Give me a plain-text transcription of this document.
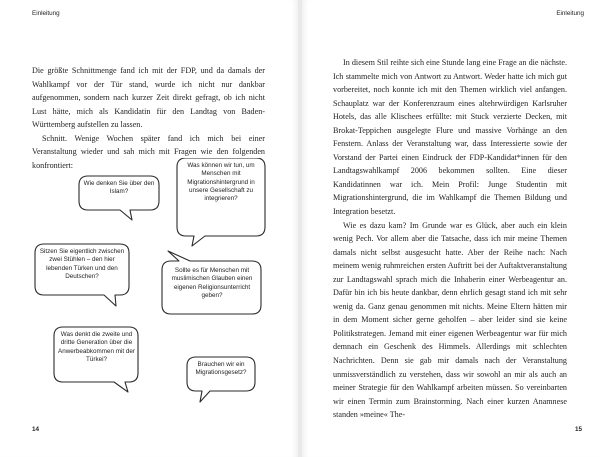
Einleitung

Die größte Schnittmenge fand ich mit der FDP, und da damals der Wahlkampf vor der Tür stand, wurde ich nicht nur dankbar aufgenommen, sondern nach kurzer Zeit direkt gefragt, ob ich nicht Lust hätte, mich als Kandidatin für den Landtag von Baden-Württemberg aufstellen zu lassen.

Schnitt. Wenige Wochen später fand ich mich bei einer Veranstaltung wieder und sah mich mit Fragen wie den folgenden konfrontiert:

Wie denken Sie über den Islam?
Was können wir tun, um Menschen mit Migrationshintergrund in unsere Gesellschaft zu integrieren?
Sitzen Sie eigentlich zwischen zwei Stühlen – den hier lebenden Türken und den Deutschen?
Sollte es für Menschen mit muslimischen Glauben einen eigenen Religionsunterricht geben?
Was denkt die zweite und dritte Generation über die Anwerbeabkommen mit der Türkei?
Brauchen wir ein Migrationsgesetz?
14
Einleitung

In diesem Stil reihte sich eine Stunde lang eine Frage an die nächste. Ich stammelte mich von Antwort zu Antwort. Weder hatte ich mich gut vorbereitet, noch konnte ich mit den Themen wirklich viel anfangen. Schauplatz war der Konferenzraum eines altehrwürdigen Karlsruher Hotels, das alle Klischees erfüllte: mit Stuck verzierte Decken, mit Brokat-Teppichen ausgelegte Flure und massive Vorhänge an den Fenstern. Anlass der Veranstaltung war, dass Interessierte sowie der Vorstand der Partei einen Eindruck der FDP-Kandidat*innen für den Landtagswahlkampf 2006 bekommen sollten. Eine dieser Kandidatinnen war ich. Mein Profil: Junge Studentin mit Migrationshintergrund, die im Wahlkampf die Themen Bildung und Integration besetzt.

Wie es dazu kam? Im Grunde war es Glück, aber auch ein klein wenig Pech. Vor allem aber die Tatsache, dass ich mir meine Themen damals nicht selbst ausgesucht hatte. Aber der Reihe nach: Nach meinem wenig ruhmreichen ersten Auftritt bei der Auftaktveranstaltung zur Landtagswahl sprach mich die Inhaberin einer Werbeagentur an. Dafür bin ich bis heute dankbar, denn ehrlich gesagt stand ich mit sehr wenig da. Ganz genau genommen mit nichts. Meine Eltern hätten mir in dem Moment sicher gerne geholfen – aber leider sind sie keine Politikstrategen. Jemand mit einer eigenen Werbeagentur war für mich demnach ein Geschenk des Himmels. Allerdings mit schlechten Nachrichten. Denn sie gab mir damals nach der Veranstaltung unmissverständlich zu verstehen, dass wir sowohl an mir als auch an meiner Strategie für den Wahlkampf arbeiten müssen. So vereinbarten wir einen Termin zum Brainstorming. Nach einer kurzen Anamnese standen »meine« The-

15
